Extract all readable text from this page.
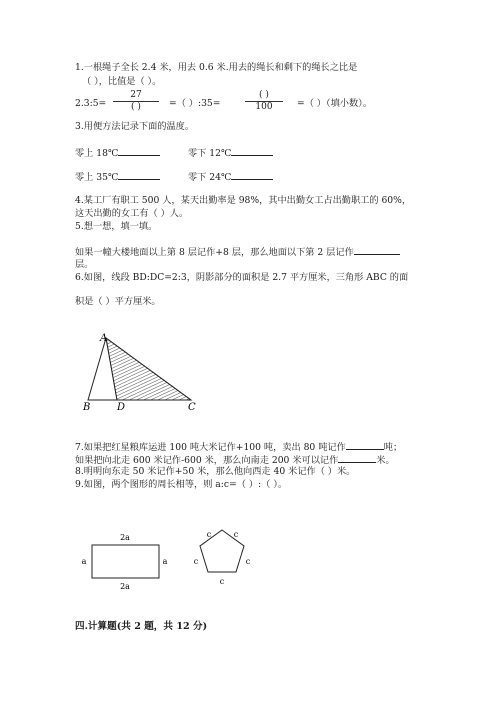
1.一根绳子全长 2.4 米，用去 0.6 米.用去的绳长和剩下的绳长之比是
（ ），比值是（ ）。
2.3:5=
27
( )	=（ ）:35=
( )
100	=（ ）（填小数）。
3.用便方法记录下面的温度。
零上 18℃	零下 12℃
零上 35℃	零下 24℃
4.某工厂有职工 500 人，某天出勤率是 98%，其中出勤女工占出勤职工的 60%，
这天出勤的女工有（ ）人。
5.想一想，填一填。
如果一幢大楼地面以上第 8 层记作+8 层，那么地面以下第 2 层记作
层。
6.如图，线段 BD:DC=2:3，阴影部分的面积是 2.7 平方厘米，三角形 ABC 的面
积是（ ）平方厘米。
A
B	D	C
7.如果把红星粮库运进 100 吨大米记作+100 吨，卖出 80 吨记作	吨；
如果把向北走 600 米记作-600 米，那么向南走 200 米可以记作	米。
8.明明向东走 50 米记作+50 米，那么他向西走 40 米记作（ ）米。
9.如图，两个图形的周长相等，则 a:c=（ ）:（ ）。
2a
2a
a	a
c	c
c	c
c
四.计算题(共 2 题，共 12 分)
